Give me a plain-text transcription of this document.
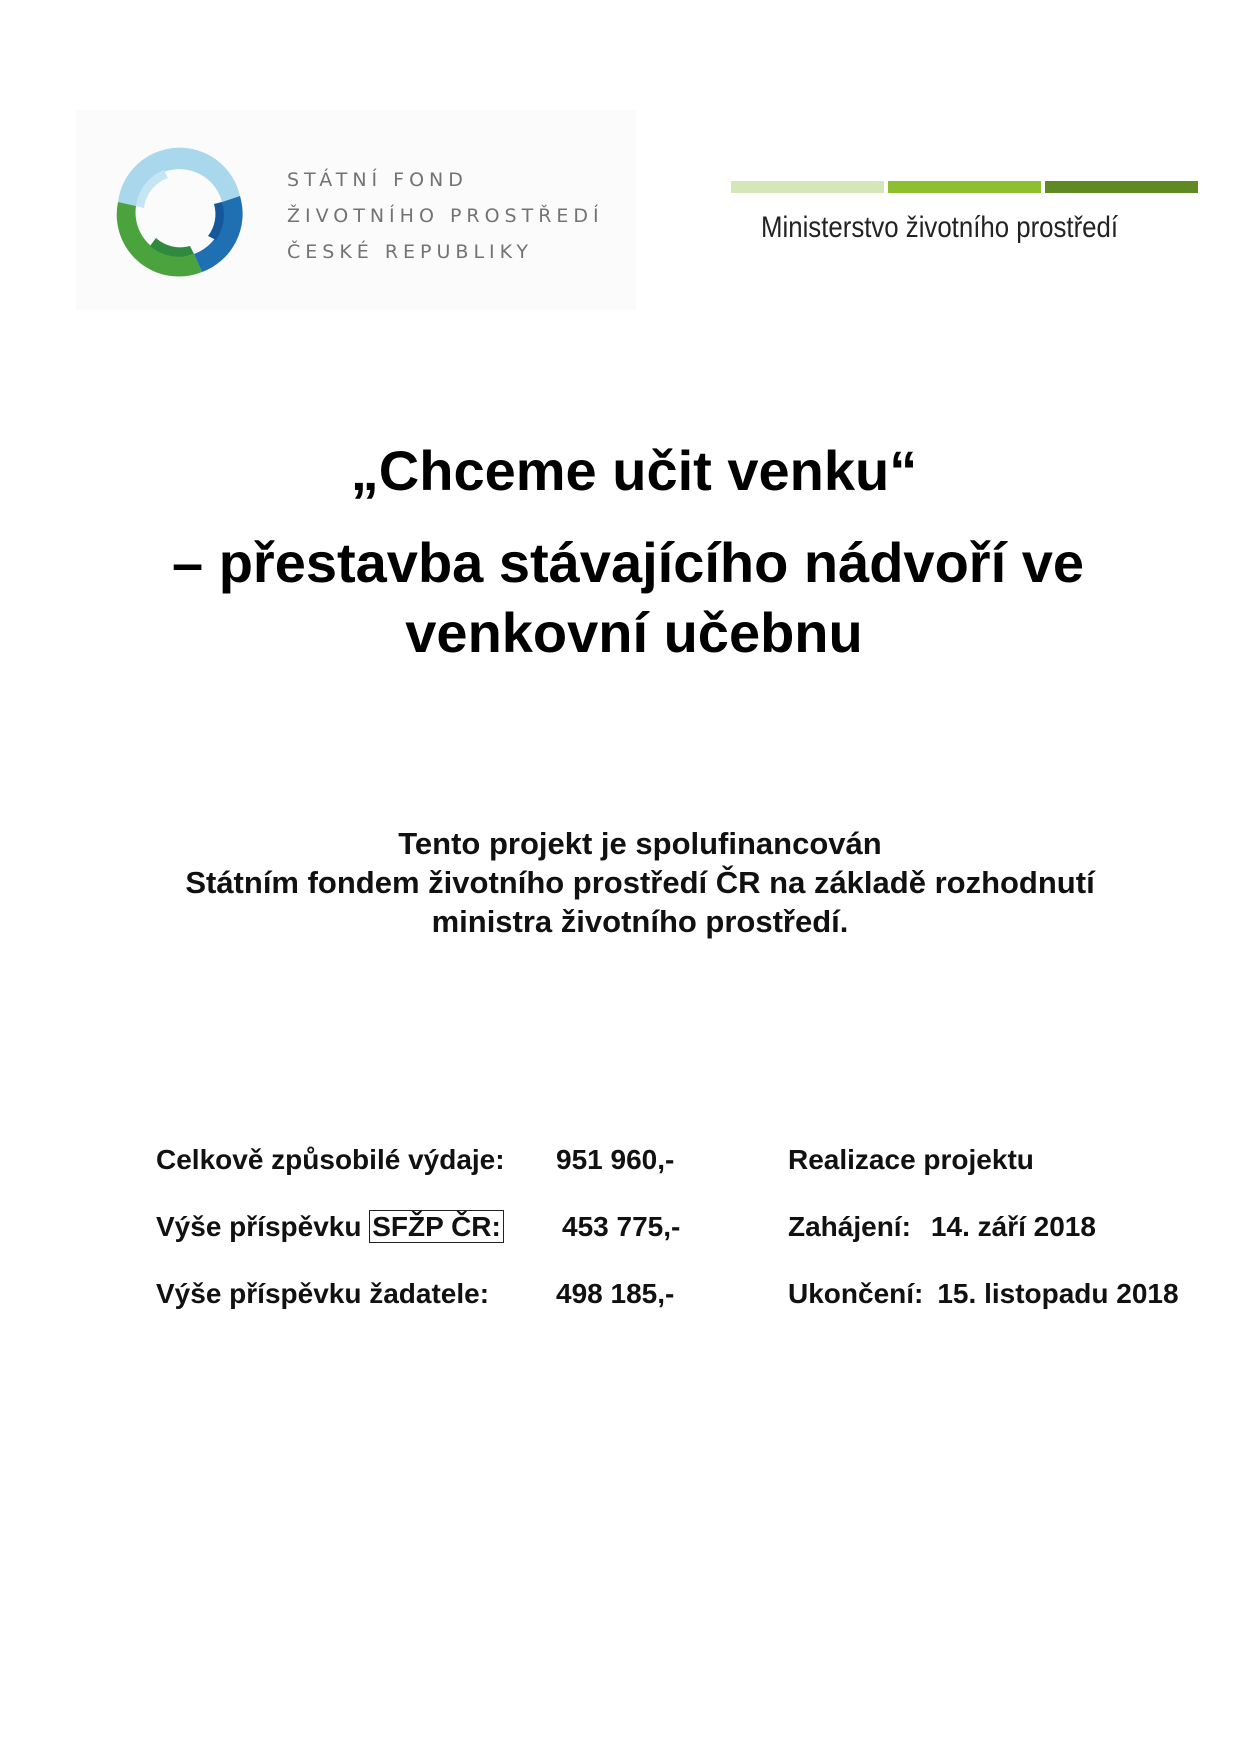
STÁTNÍ FOND
ŽIVOTNÍHO PROSTŘEDÍ
ČESKÉ REPUBLIKY
Ministerstvo životního prostředí
„Chceme učit venku“
– přestavba stávajícího nádvoří ve
venkovní učebnu
Tento projekt je spolufinancován
Státním fondem životního prostředí ČR na základě rozhodnutí
ministra životního prostředí.
Celkově způsobilé výdaje: 951 960,-
Výše příspěvku SFŽP ČR: 453 775,-
Výše příspěvku žadatele: 498 185,-
Realizace projektu
Zahájení: 14. září 2018
Ukončení: 15. listopadu 2018
